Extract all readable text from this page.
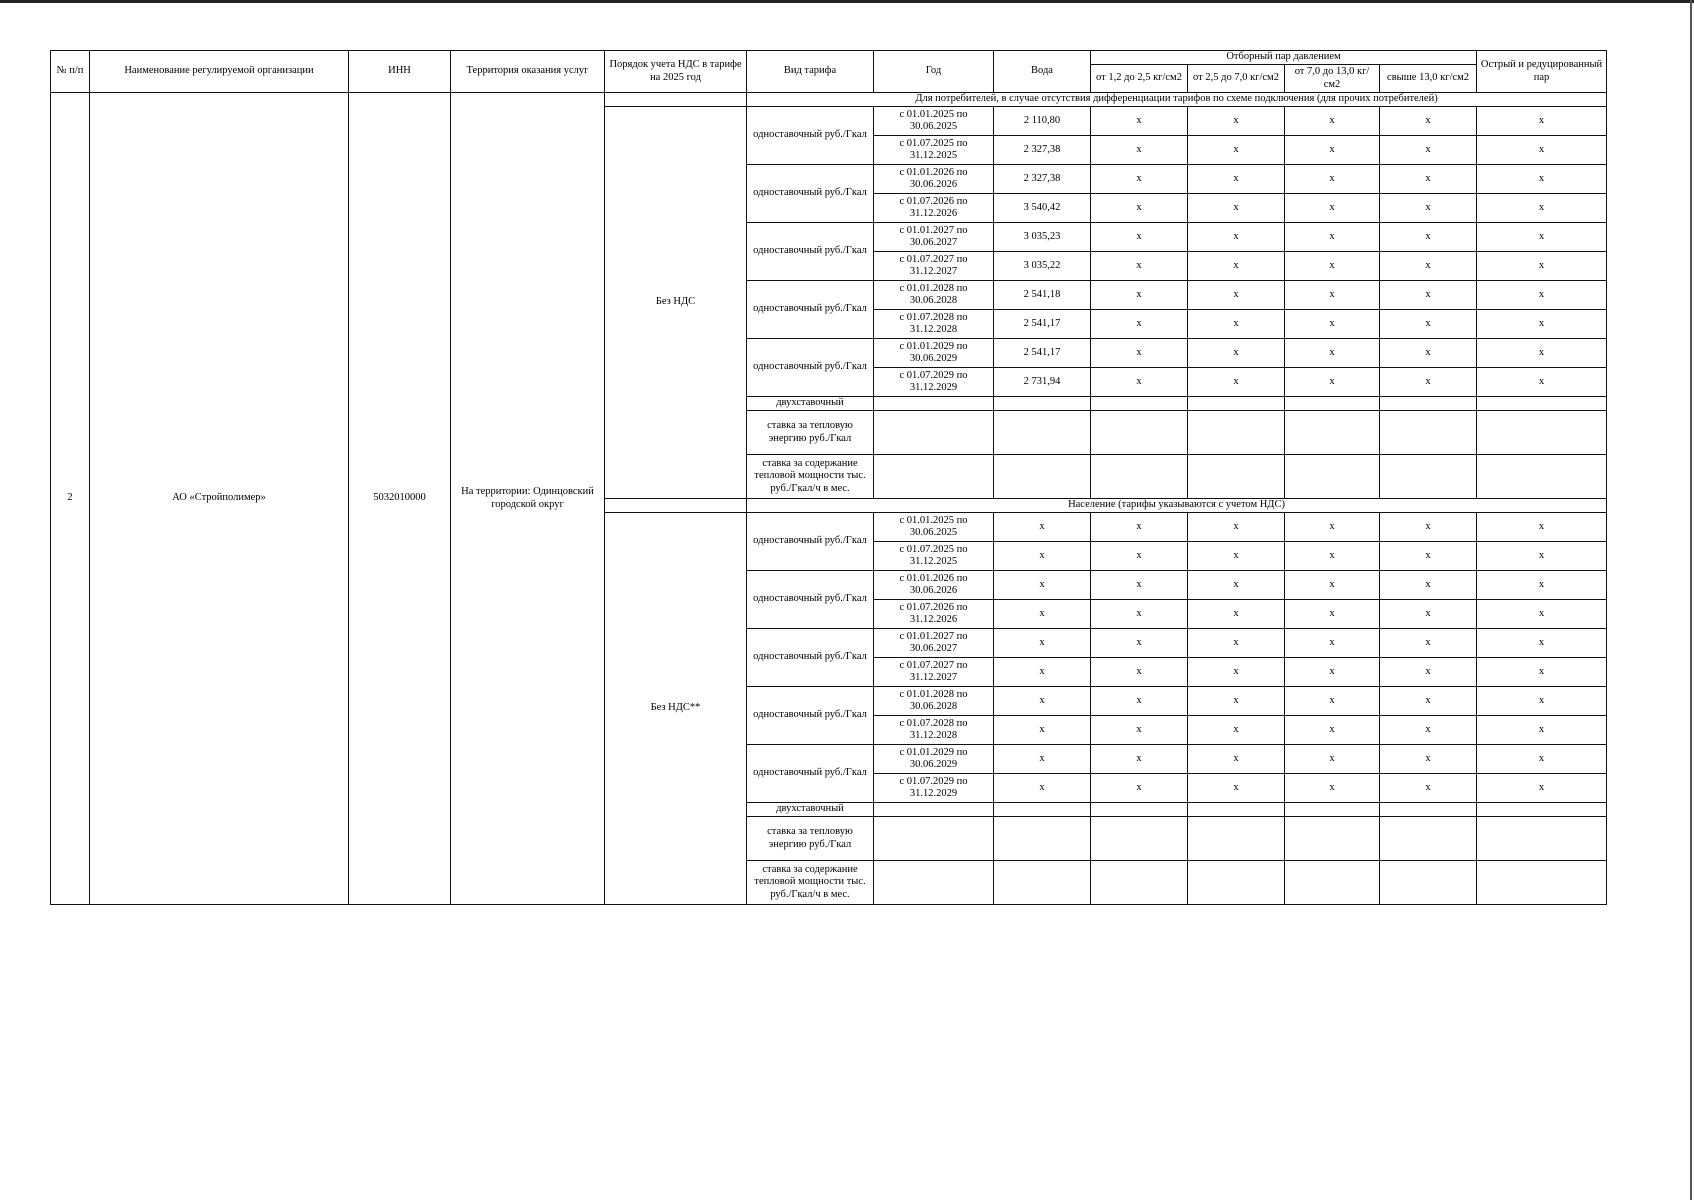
№ п/п	Наименование регулируемой организации	ИНН	Территория оказания услуг	Порядок учета НДС в тарифе на 2025 год	Вид тарифа	Год	Вода	Отборный пар давлением				Острый и редуцированный пар
								от 1,2 до 2,5 кг/см2	от 2,5 до 7,0 кг/см2	от 7,0 до 13,0 кг/см2	свыше 13,0 кг/см2	
2	АО «Стройполимер»	5032010000	На территории: Одинцовский городской округ		Для потребителей, в случае отсутствия дифференциации тарифов по схеме подключения (для прочих потребителей)							
				Без НДС	одноставочный руб./Гкал	с 01.01.2025 по 30.06.2025	2 110,80	x	x	x	x	x
						с 01.07.2025 по 31.12.2025	2 327,38	x	x	x	x	x
					одноставочный руб./Гкал	с 01.01.2026 по 30.06.2026	2 327,38	x	x	x	x	x
						с 01.07.2026 по 31.12.2026	3 540,42	x	x	x	x	x
					одноставочный руб./Гкал	с 01.01.2027 по 30.06.2027	3 035,23	x	x	x	x	x
						с 01.07.2027 по 31.12.2027	3 035,22	x	x	x	x	x
					одноставочный руб./Гкал	с 01.01.2028 по 30.06.2028	2 541,18	x	x	x	x	x
						с 01.07.2028 по 31.12.2028	2 541,17	x	x	x	x	x
					одноставочный руб./Гкал	с 01.01.2029 по 30.06.2029	2 541,17	x	x	x	x	x
						с 01.07.2029 по 31.12.2029	2 731,94	x	x	x	x	x
					двухставочный							
					ставка за тепловую энергию руб./Гкал							
					ставка за содержание тепловой мощности тыс. руб./Гкал/ч в мес.							
					Население (тарифы указываются с учетом НДС)							
				Без НДС**	одноставочный руб./Гкал	с 01.01.2025 по 30.06.2025	x	x	x	x	x	x
						с 01.07.2025 по 31.12.2025	x	x	x	x	x	x
					одноставочный руб./Гкал	с 01.01.2026 по 30.06.2026	x	x	x	x	x	x
						с 01.07.2026 по 31.12.2026	x	x	x	x	x	x
					одноставочный руб./Гкал	с 01.01.2027 по 30.06.2027	x	x	x	x	x	x
						с 01.07.2027 по 31.12.2027	x	x	x	x	x	x
					одноставочный руб./Гкал	с 01.01.2028 по 30.06.2028	x	x	x	x	x	x
						с 01.07.2028 по 31.12.2028	x	x	x	x	x	x
					одноставочный руб./Гкал	с 01.01.2029 по 30.06.2029	x	x	x	x	x	x
						с 01.07.2029 по 31.12.2029	x	x	x	x	x	x
					двухставочный							
					ставка за тепловую энергию руб./Гкал							
					ставка за содержание тепловой мощности тыс. руб./Гкал/ч в мес.							
